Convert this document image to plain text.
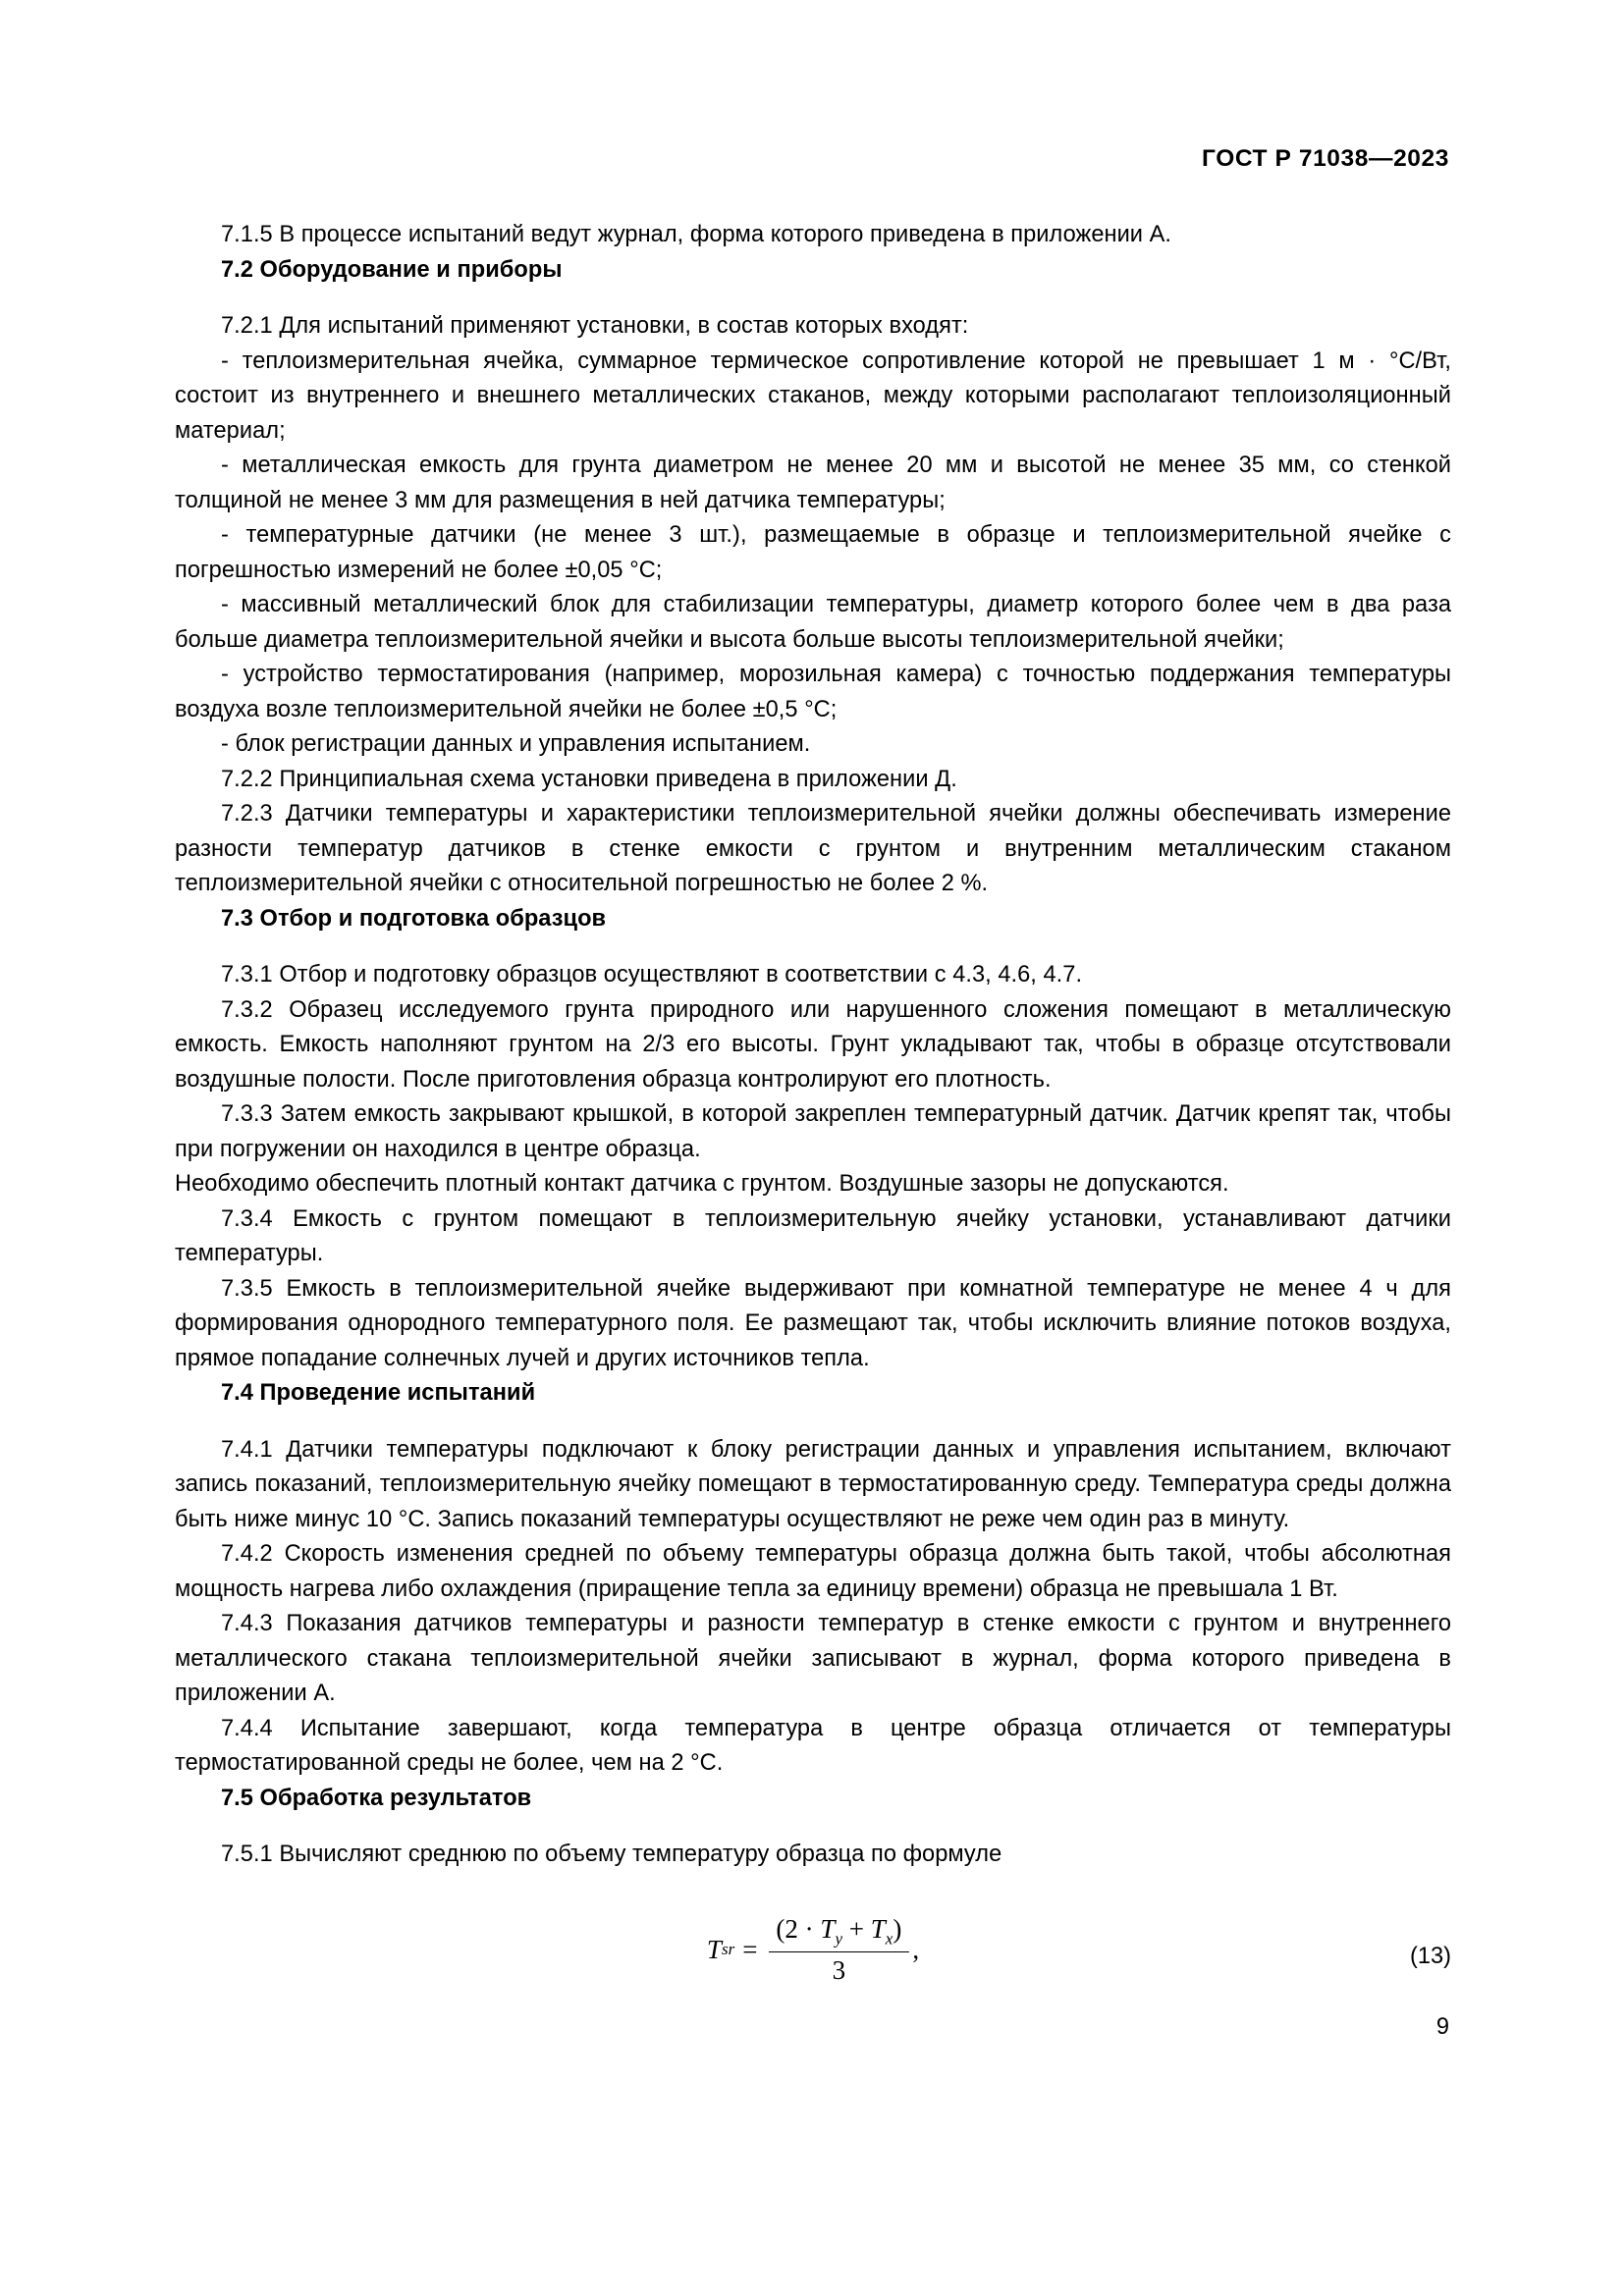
ГОСТ Р 71038—2023

7.1.5 В процессе испытаний ведут журнал, форма которого приведена в приложении А.

7.2 Оборудование и приборы

7.2.1 Для испытаний применяют установки, в состав которых входят:

- теплоизмерительная ячейка, суммарное термическое сопротивление которой не превышает 1 м · °С/Вт, состоит из внутреннего и внешнего металлических стаканов, между которыми располагают теплоизоляционный материал;

- металлическая емкость для грунта диаметром не менее 20 мм и высотой не менее 35 мм, со стенкой толщиной не менее 3 мм для размещения в ней датчика температуры;

- температурные датчики (не менее 3 шт.), размещаемые в образце и теплоизмерительной ячейке с погрешностью измерений не более ±0,05 °С;

- массивный металлический блок для стабилизации температуры, диаметр которого более чем в два раза больше диаметра теплоизмерительной ячейки и высота больше высоты теплоизмерительной ячейки;

- устройство термостатирования (например, морозильная камера) с точностью поддержания температуры воздуха возле теплоизмерительной ячейки не более ±0,5 °С;

- блок регистрации данных и управления испытанием.

7.2.2 Принципиальная схема установки приведена в приложении Д.

7.2.3 Датчики температуры и характеристики теплоизмерительной ячейки должны обеспечивать измерение разности температур датчиков в стенке емкости с грунтом и внутренним металлическим стаканом теплоизмерительной ячейки с относительной погрешностью не более 2 %.

7.3 Отбор и подготовка образцов

7.3.1 Отбор и подготовку образцов осуществляют в соответствии с 4.3, 4.6, 4.7.

7.3.2 Образец исследуемого грунта природного или нарушенного сложения помещают в металлическую емкость. Емкость наполняют грунтом на 2/3 его высоты. Грунт укладывают так, чтобы в образце отсутствовали воздушные полости. После приготовления образца контролируют его плотность.

7.3.3 Затем емкость закрывают крышкой, в которой закреплен температурный датчик. Датчик крепят так, чтобы при погружении он находился в центре образца.

Необходимо обеспечить плотный контакт датчика с грунтом. Воздушные зазоры не допускаются.

7.3.4 Емкость с грунтом помещают в теплоизмерительную ячейку установки, устанавливают датчики температуры.

7.3.5 Емкость в теплоизмерительной ячейке выдерживают при комнатной температуре не менее 4 ч для формирования однородного температурного поля. Ее размещают так, чтобы исключить влияние потоков воздуха, прямое попадание солнечных лучей и других источников тепла.

7.4 Проведение испытаний

7.4.1 Датчики температуры подключают к блоку регистрации данных и управления испытанием, включают запись показаний, теплоизмерительную ячейку помещают в термостатированную среду. Температура среды должна быть ниже минус 10 °С. Запись показаний температуры осуществляют не реже чем один раз в минуту.

7.4.2 Скорость изменения средней по объему температуры образца должна быть такой, чтобы абсолютная мощность нагрева либо охлаждения (приращение тепла за единицу времени) образца не превышала 1 Вт.

7.4.3 Показания датчиков температуры и разности температур в стенке емкости с грунтом и внутреннего металлического стакана теплоизмерительной ячейки записывают в журнал, форма которого приведена в приложении А.

7.4.4 Испытание завершают, когда температура в центре образца отличается от температуры термостатированной среды не более, чем на 2 °С.

7.5 Обработка результатов

7.5.1 Вычисляют среднюю по объему температуру образца по формуле

T sr = $\frac{(2 \cdot T_y + T_x)}{3}$ ,	(13)
9
